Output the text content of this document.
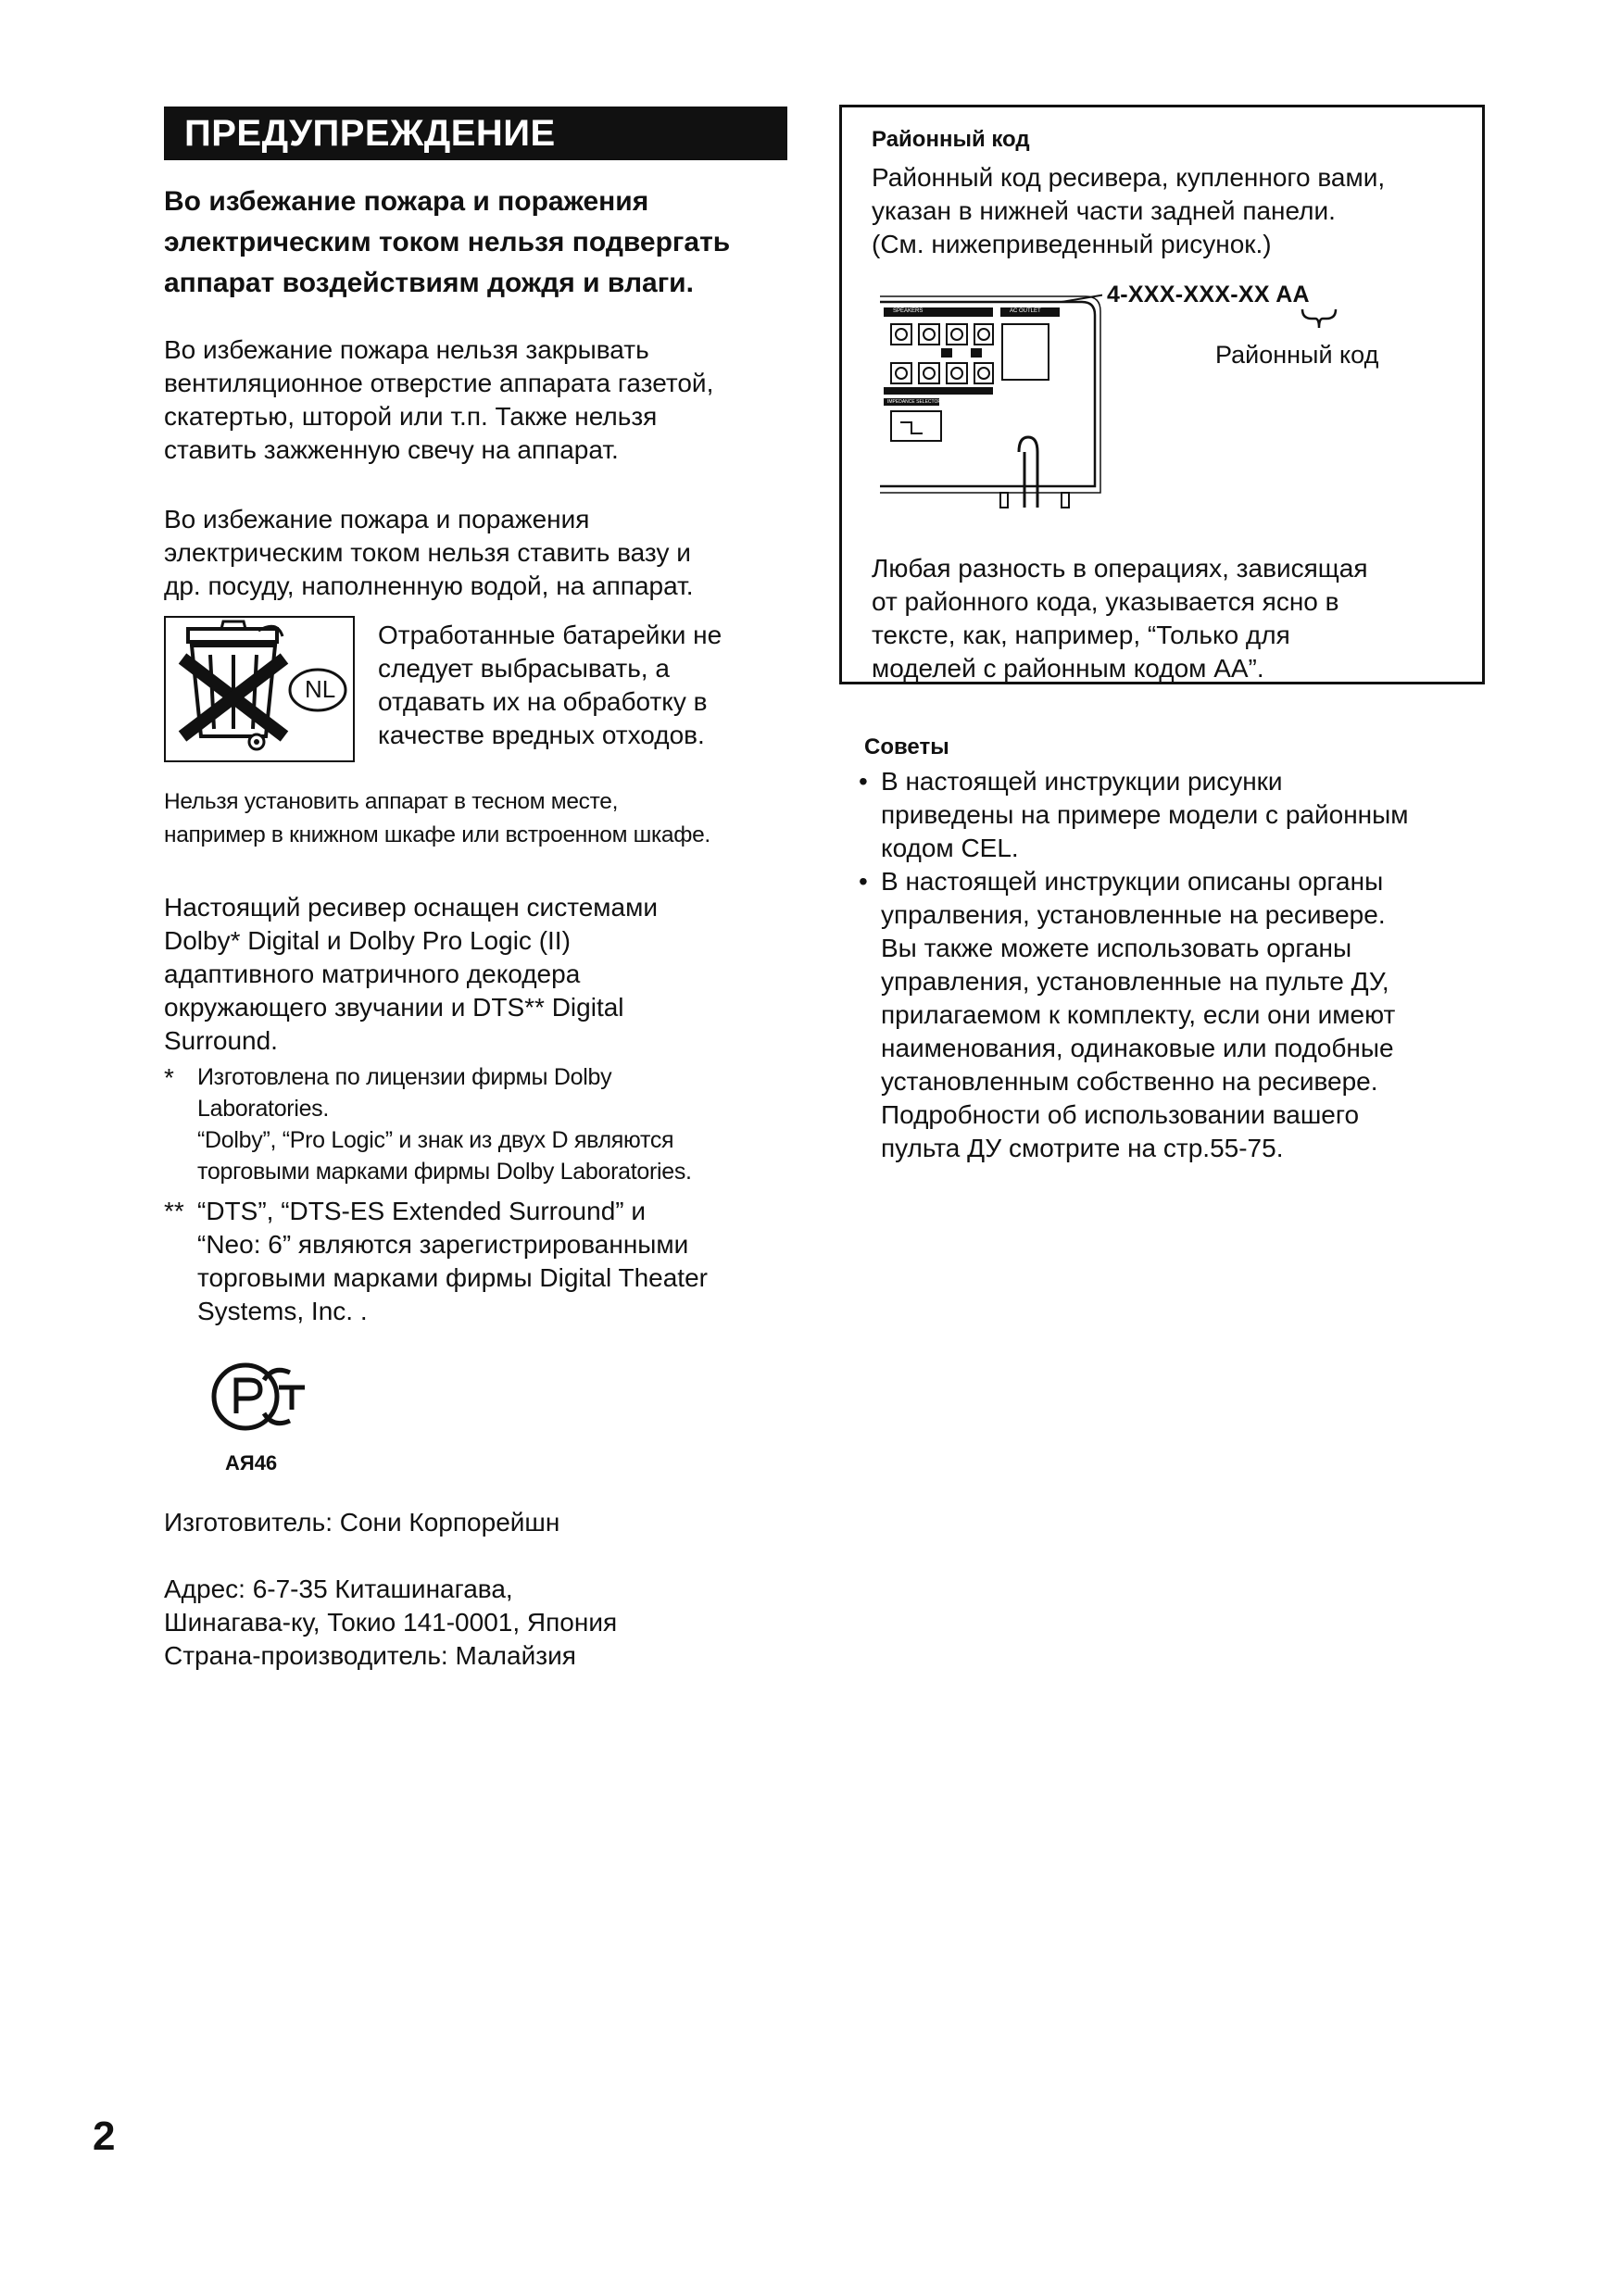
ПРЕДУПРЕЖДЕНИЕ
Во избежание пожара и поражения
электрическим током нельзя подвергать
аппарат воздействиям дождя и влаги.
Во избежание пожара нельзя закрывать
вентиляционное отверстие аппарата газетой,
скатертью, шторой или т.п. Также нельзя
ставить зажженную свечу на аппарат.
Во избежание пожара и поражения
электрическим током нельзя ставить вазу и
др. посуду, наполненную водой, на аппарат.
NL
Отработанные батарейки не
следует выбрасывать, а
отдавать их на обработку в
качестве вредных отходов.
Нельзя установить аппарат в тесном месте,
например в книжном шкафе или встроенном шкафе.
Настоящий ресивер оснащен системами
Dolby* Digital и Dolby Pro Logic (II)
адаптивного матричного декодера
окружающего звучании и DTS** Digital
Surround.
*	Изготовлена по лицензии фирмы Dolby
Laboratories.
“Dolby”, “Pro Logic” и знак из двух D являются
торговыми марками фирмы Dolby Laboratories.
** “DTS”, “DTS-ES Extended Surround” и
“Neo: 6” являются зарегистрированными
торговыми марками фирмы Digital Theater
Systems, Inc. .
АЯ46
Изготовитель: Сони Корпорейшн
Адрес: 6-7-35 Киташинагава,
Шинагава-ку, Токио 141-0001, Япония
Страна-производитель: Малайзия
Районный код
Районный код ресивера, купленного вами,
указан в нижней части задней панели.
(См. нижеприведенный рисунок.)
Любая разность в операциях, зависящая
от районного кода, указывается ясно в
тексте, как, например, “Только для
моделей с районным кодом АА”.
SPEAKERS	AC OUTLET
IMPEDANCE SELECTOR
4-XXX-XXX-XX AA
Районный код
Советы
• В настоящей инструкции рисунки
приведены на примере модели с районным
кодом CEL.
• В настоящей инструкции описаны органы
упралвения, установленные на ресивере.
Вы также можете использовать органы
управления, установленные на пульте ДУ,
прилагаемом к комплекту, если они имеют
наименования, одинаковые или подобные
установленным собственно на ресивере.
Подробности об использовании вашего
пульта ДУ смотрите на стр.55-75.
2
